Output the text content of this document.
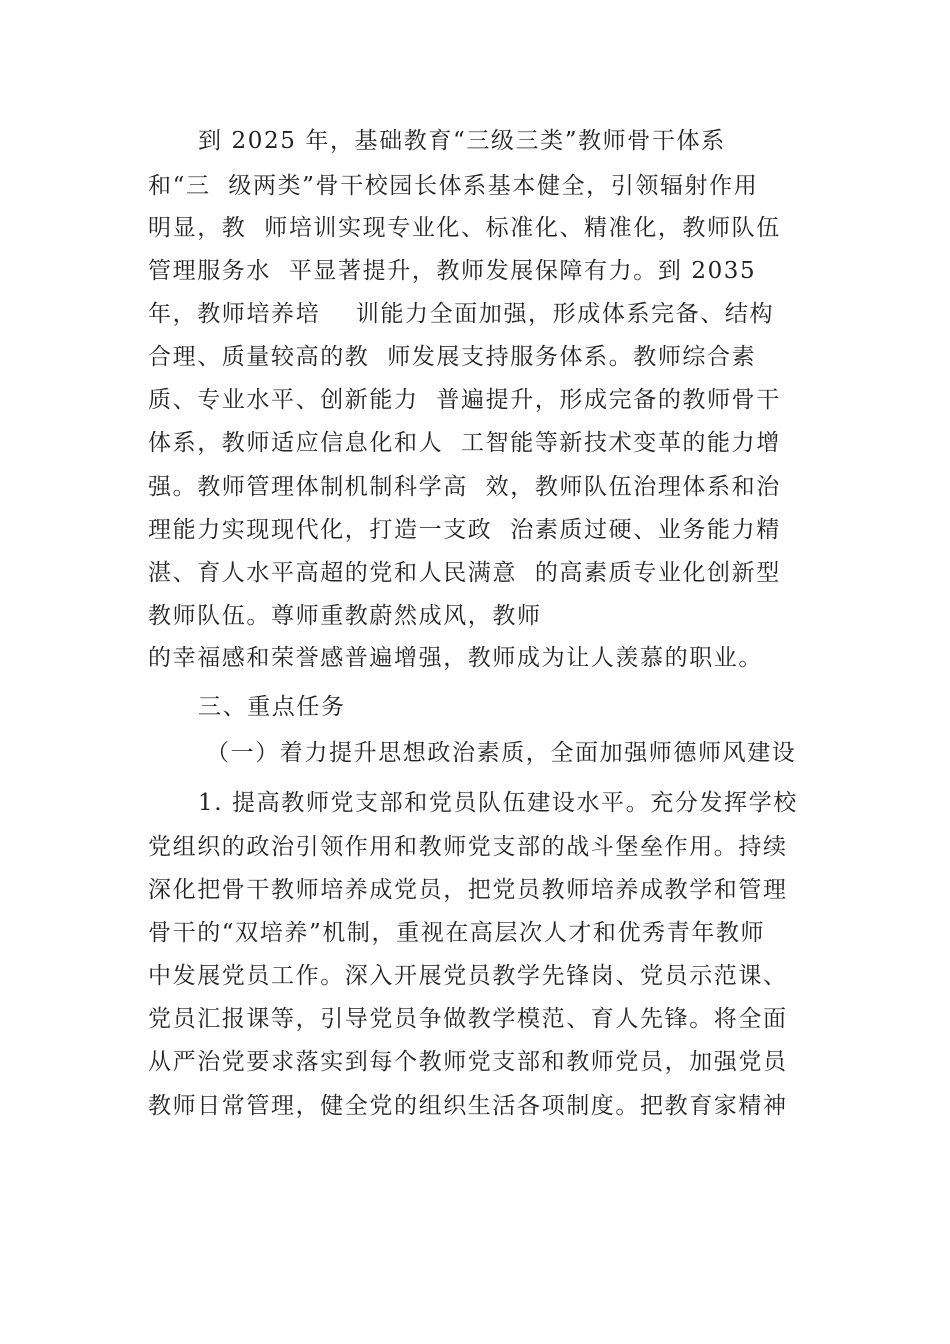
到 2025 年，基础教育“三级三类”教师骨干体系
和“三  级两类”骨干校园长体系基本健全，引领辐射作用
明显，教  师培训实现专业化、标准化、精准化，教师队伍
管理服务水  平显著提升，教师发展保障有力。到 2035
年，教师培养培    训能力全面加强，形成体系完备、结构
合理、质量较高的教  师发展支持服务体系。教师综合素
质、专业水平、创新能力  普遍提升，形成完备的教师骨干
体系，教师适应信息化和人  工智能等新技术变革的能力增
强。教师管理体制机制科学高  效，教师队伍治理体系和治
理能力实现现代化，打造一支政  治素质过硬、业务能力精
湛、育人水平高超的党和人民满意  的高素质专业化创新型
教师队伍。尊师重教蔚然成风，教师
的幸福感和荣誉感普遍增强，教师成为让人羡慕的职业。
三、重点任务
（一）着力提升思想政治素质，全面加强师德师风建设
1. 提高教师党支部和党员队伍建设水平。充分发挥学校
党组织的政治引领作用和教师党支部的战斗堡垒作用。持续
深化把骨干教师培养成党员，把党员教师培养成教学和管理
骨干的“双培养”机制，重视在高层次人才和优秀青年教师
中发展党员工作。深入开展党员教学先锋岗、党员示范课、
党员汇报课等，引导党员争做教学模范、育人先锋。将全面
从严治党要求落实到每个教师党支部和教师党员，加强党员
教师日常管理，健全党的组织生活各项制度。把教育家精神
